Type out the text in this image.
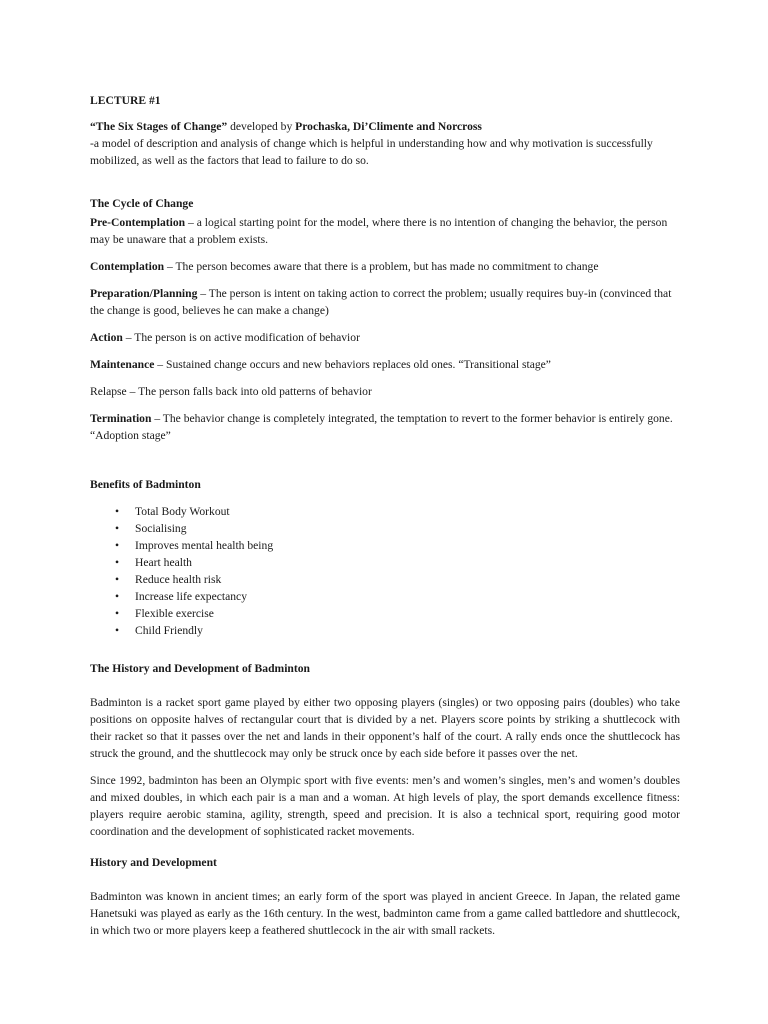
LECTURE #1
“The Six Stages of Change” developed by Prochaska, Di’Climente and Norcross
-a model of description and analysis of change which is helpful in understanding how and why motivation is successfully mobilized, as well as the factors that lead to failure to do so.
The Cycle of Change
Pre-Contemplation – a logical starting point for the model, where there is no intention of changing the behavior, the person may be unaware that a problem exists.
Contemplation – The person becomes aware that there is a problem, but has made no commitment to change
Preparation/Planning – The person is intent on taking action to correct the problem; usually requires buy-in (convinced that the change is good, believes he can make a change)
Action – The person is on active modification of behavior
Maintenance – Sustained change occurs and new behaviors replaces old ones. “Transitional stage”
Relapse – The person falls back into old patterns of behavior
Termination – The behavior change is completely integrated, the temptation to revert to the former behavior is entirely gone. “Adoption stage”
Benefits of Badminton
• Total Body Workout
• Socialising
• Improves mental health being
• Heart health
• Reduce health risk
• Increase life expectancy
• Flexible exercise
• Child Friendly
The History and Development of Badminton
Badminton is a racket sport game played by either two opposing players (singles) or two opposing pairs (doubles) who take positions on opposite halves of rectangular court that is divided by a net. Players score points by striking a shuttlecock with their racket so that it passes over the net and lands in their opponent’s half of the court. A rally ends once the shuttlecock has struck the ground, and the shuttlecock may only be struck once by each side before it passes over the net.
Since 1992, badminton has been an Olympic sport with five events: men’s and women’s singles, men’s and women’s doubles and mixed doubles, in which each pair is a man and a woman. At high levels of play, the sport demands excellence fitness: players require aerobic stamina, agility, strength, speed and precision. It is also a technical sport, requiring good motor coordination and the development of sophisticated racket movements.
History and Development
Badminton was known in ancient times; an early form of the sport was played in ancient Greece. In Japan, the related game Hanetsuki was played as early as the 16th century. In the west, badminton came from a game called battledore and shuttlecock, in which two or more players keep a feathered shuttlecock in the air with small rackets.
